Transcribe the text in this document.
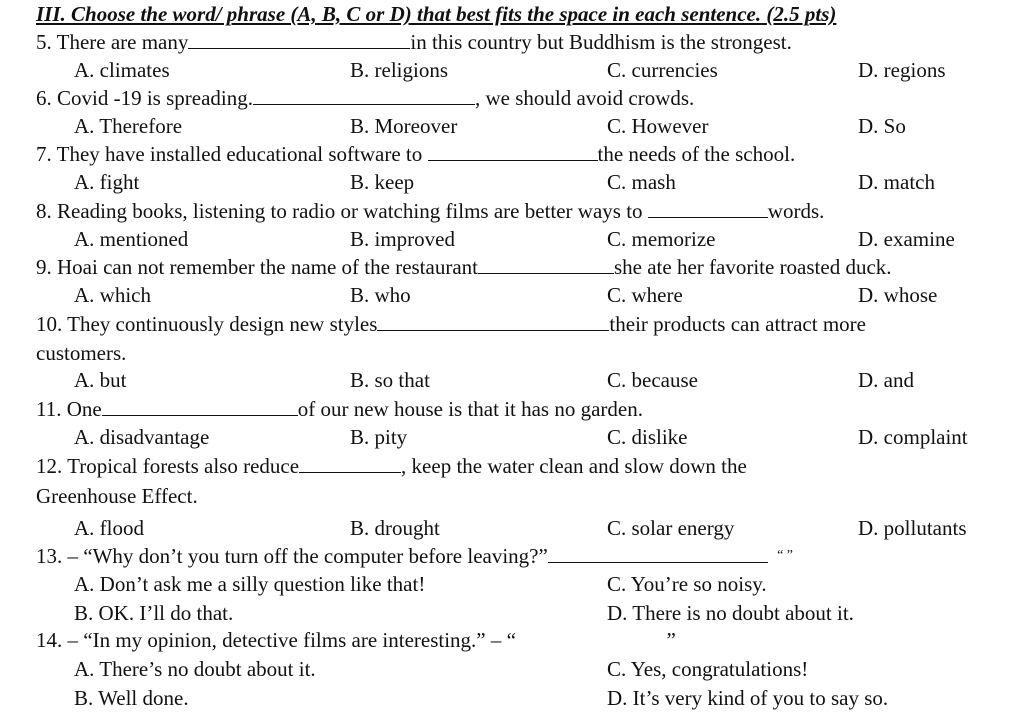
III. Choose the word/ phrase (A, B, C or D) that best fits the space in each sentence. (2.5 pts)
5. There are many	in this country but Buddhism is the strongest.
A. climates	B. religions	C. currencies	D. regions
6. Covid -19 is spreading.	, we should avoid crowds.
A. Therefore	B. Moreover	C. However	D. So
7. They have installed educational software to	the needs of the school.
A. fight	B. keep	C. mash	D. match
8. Reading books, listening to radio or watching films are better ways to	words.
A. mentioned	B. improved	C. memorize	D. examine
9. Hoai can not remember the name of the restaurant	she ate her favorite roasted duck.
A. which	B. who	C. where	D. whose
10. They continuously design new styles	their products can attract more
customers.
A. but	B. so that	C. because	D. and
11. One	of our new house is that it has no garden.
A. disadvantage	B. pity	C. dislike	D. complaint
12. Tropical forests also reduce	, keep the water clean and slow down the
Greenhouse Effect.
A. flood	B. drought	C. solar energy	D. pollutants
13. – “Why don’t you turn off the computer before leaving?”	“ ”
A. Don’t ask me a silly question like that!	C. You’re so noisy.
B. OK. I’ll do that.	D. There is no doubt about it.
14. – “In my opinion, detective films are interesting.” – “	”
A. There’s no doubt about it.	C. Yes, congratulations!
B. Well done.	D. It’s very kind of you to say so.
